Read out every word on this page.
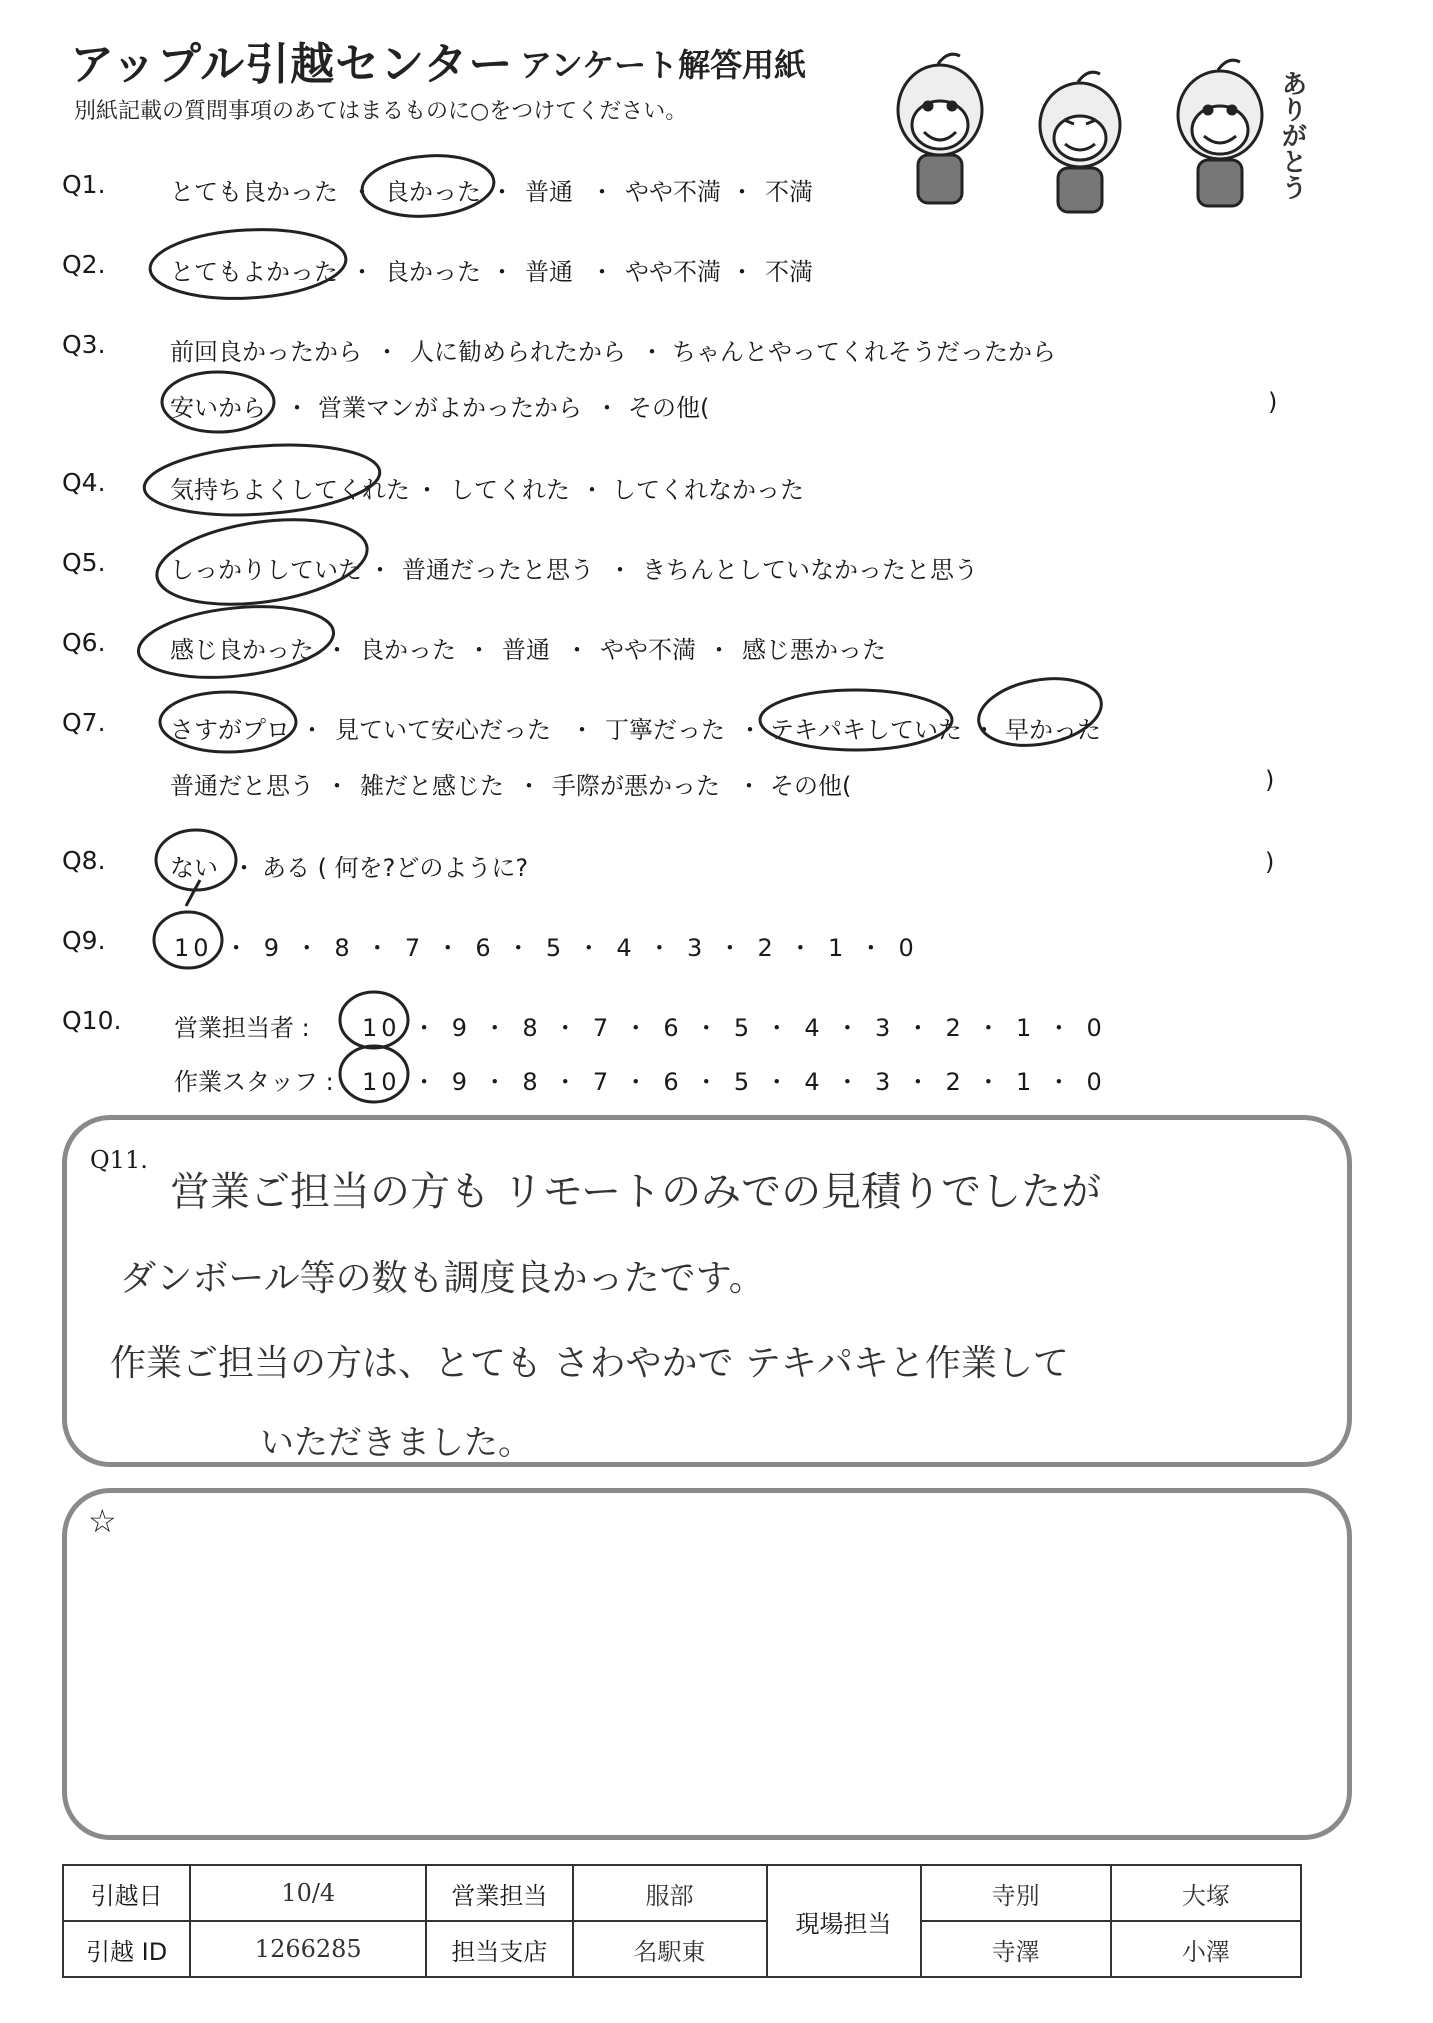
アップル引越センター アンケート解答用紙
別紙記載の質問事項のあてはまるものに○をつけてください。	ありがとう
Q1.	とても良かった 良かった 普通 やや不満 不満
・	・	・	・
Q2.	とてもよかった 良かった 普通 やや不満 不満
・	・	・	・
Q3.	前回良かったから 人に勧められたから ちゃんとやってくれそうだったから
・	・
安いから 営業マンがよかったから その他(
・	・	)
Q4.	気持ちよくしてくれた してくれた してくれなかった
・	・
Q5.	しっかりしていた 普通だったと思う きちんとしていなかったと思う
・	・
Q6.	感じ良かった 良かった 普通 やや不満 感じ悪かった
・	・	・	・
Q7.	さすがプロ 見ていて安心だった 丁寧だった テキパキしていた 早かった
・	・	・	・
普通だと思う 雑だと感じた 手際が悪かった その他(
・	・	・	)
Q8.	ない ある ( 何を?どのように?
・	)
Q9.	10 ・ 9 ・ 8 ・ 7 ・ 6 ・ 5 ・ 4 ・ 3 ・ 2 ・ 1 ・ 0
Q10. 営業担当者 : 10 ・ 9 ・ 8 ・ 7 ・ 6 ・ 5 ・ 4 ・ 3 ・ 2 ・ 1 ・ 0
作業スタッフ : 10 ・ 9 ・ 8 ・ 7 ・ 6 ・ 5 ・ 4 ・ 3 ・ 2 ・ 1 ・ 0
Q11.
営業ご担当の方も リモートのみでの見積りでしたが
ダンボール等の数も調度良かったです。
作業ご担当の方は、とても さわやかで テキパキと作業して
いただきました。
☆
引越日	10/4	営業担当	服部	現場担当	寺別	大塚
引越 ID	1266285	担当支店	名駅東		寺澤	小澤
